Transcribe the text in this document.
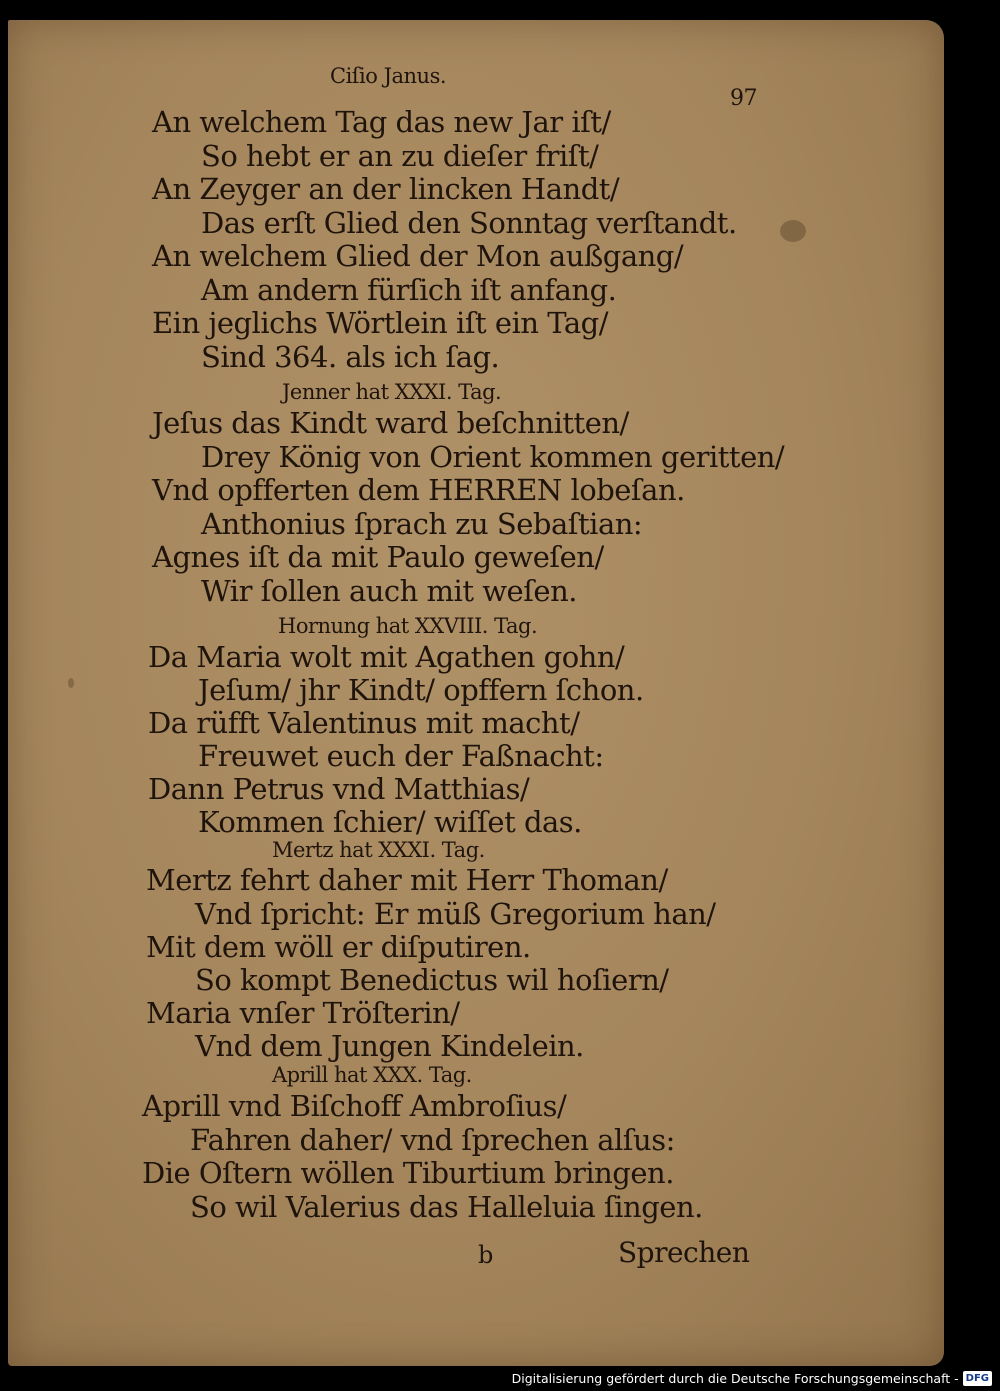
97
Ciſio Janus.
An welchem Tag das new Jar iſt/
So hebt er an zu dieſer friſt/
An Zeyger an der lincken Handt/
Das erſt Glied den Sonntag verſtandt.
An welchem Glied der Mon außgang/
Am andern fürſich iſt anfang.
Ein jeglichs Wörtlein iſt ein Tag/
Sind 364. als ich ſag.
Jenner hat XXXI. Tag.
Jeſus das Kindt ward beſchnitten/
Drey König von Orient kommen geritten/
Vnd opfferten dem HERREN lobeſan.
Anthonius ſprach zu Sebaſtian:
Agnes iſt da mit Paulo geweſen/
Wir ſollen auch mit weſen.
Hornung hat XXVIII. Tag.
Da Maria wolt mit Agathen gohn/
Jeſum/ jhr Kindt/ opffern ſchon.
Da rüfft Valentinus mit macht/
Freuwet euch der Faßnacht:
Dann Petrus vnd Matthias/
Kommen ſchier/ wiſſet das.
Mertz hat XXXI. Tag.
Mertz fehrt daher mit Herr Thoman/
Vnd ſpricht: Er müß Gregorium han/
Mit dem wöll er diſputiren.
So kompt Benedictus wil hoſiern/
Maria vnſer Tröſterin/
Vnd dem Jungen Kindelein.
Aprill hat XXX. Tag.
Aprill vnd Biſchoff Ambroſius/
Fahren daher/ vnd ſprechen alſus:
Die Oſtern wöllen Tiburtium bringen.
So wil Valerius das Halleluia ſingen.
b	Sprechen
Digitalisierung gefördert durch die Deutsche Forschungsgemeinschaft - DFG
